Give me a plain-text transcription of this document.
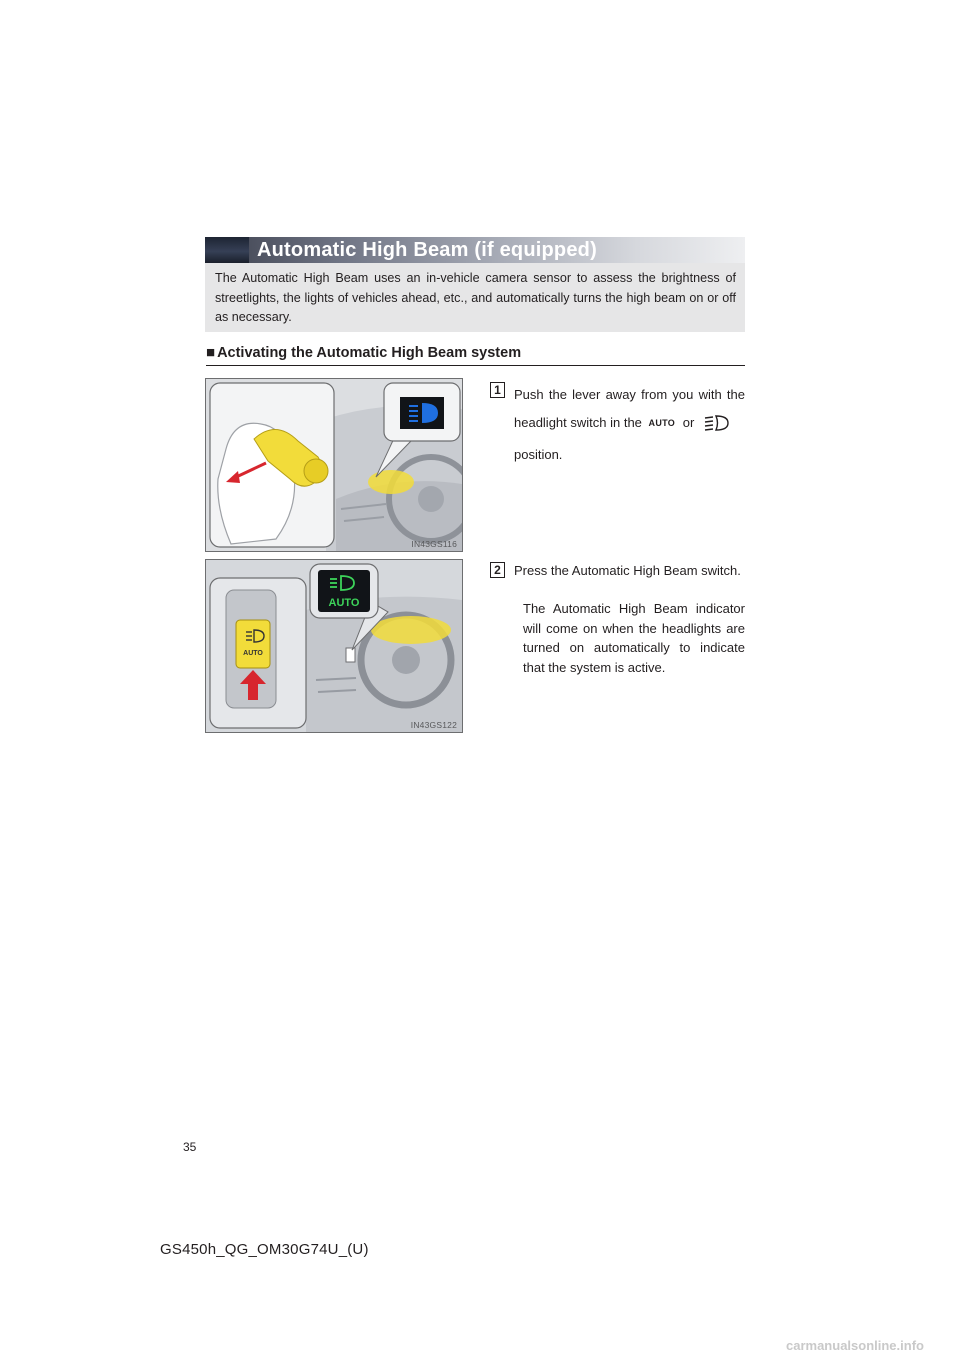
Automatic High Beam (if equipped)
The Automatic High Beam uses an in-vehicle camera sensor to assess the brightness of streetlights, the lights of vehicles ahead, etc., and automatically turns the high beam on or off as necessary.
■ Activating the Automatic High Beam system
IN43GS116
AUTO
AUTO
IN43GS122
1	Push the lever away from you with the headlight switch in the AUTO or
position.
2	Press the Automatic High Beam switch.
The Automatic High Beam indicator will come on when the headlights are turned on automatically to indicate that the system is active.
35
GS450h_QG_OM30G74U_(U)
carmanualsonline.info
